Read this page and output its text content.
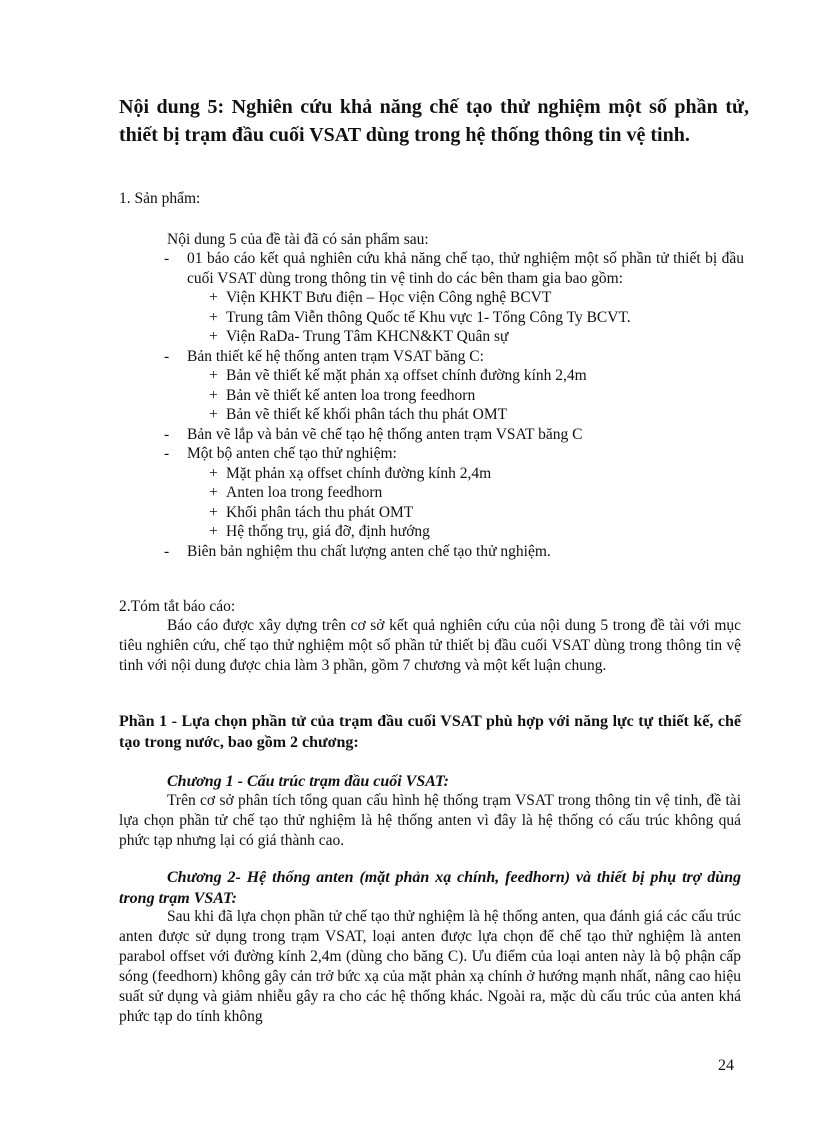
Nội dung 5: Nghiên cứu khả năng chế tạo thử nghiệm một số phần tử, thiết bị trạm đầu cuối VSAT dùng trong hệ thống thông tin vệ tinh.

1. Sản phẩm:

Nội dung 5 của đề tài đã có sản phẩm sau:

- 01 báo cáo kết quả nghiên cứu khả năng chế tạo, thử nghiệm một số phần tử thiết bị đầu cuối VSAT dùng trong thông tin vệ tinh do các bên tham gia bao gồm:
+ Viện KHKT Bưu điện – Học viện Công nghệ BCVT
+ Trung tâm Viễn thông Quốc tế Khu vực 1- Tổng Công Ty BCVT.
+ Viện RaDa- Trung Tâm KHCN&KT Quân sự
- Bản thiết kế hệ thống anten trạm VSAT băng C:
+ Bản vẽ thiết kế mặt phản xạ offset chính đường kính 2,4m
+ Bản vẽ thiết kế anten loa trong feedhorn
+ Bản vẽ thiết kế khối phân tách thu phát OMT
- Bản vẽ lắp và bản vẽ chế tạo hệ thống anten trạm VSAT băng C
- Một bộ anten chế tạo thử nghiệm:
+ Mặt phản xạ offset chính đường kính 2,4m
+ Anten loa trong feedhorn
+ Khối phân tách thu phát OMT
+ Hệ thống trụ, giá đỡ, định hướng
- Biên bản nghiệm thu chất lượng anten chế tạo thử nghiệm.

2.Tóm tắt báo cáo:

Báo cáo được xây dựng trên cơ sở kết quả nghiên cứu của nội dung 5 trong đề tài với mục tiêu nghiên cứu, chế tạo thử nghiệm một số phần tử thiết bị đầu cuối VSAT dùng trong thông tin vệ tinh với nội dung được chia làm 3 phần, gồm 7 chương và một kết luận chung.

Phần 1 - Lựa chọn phần tử của trạm đầu cuối VSAT phù hợp với năng lực tự thiết kế, chế tạo trong nước, bao gồm 2 chương:

Chương 1 - Cấu trúc trạm đầu cuối VSAT:

Trên cơ sở phân tích tổng quan cấu hình hệ thống trạm VSAT trong thông tin vệ tinh, đề tài lựa chọn phần tử chế tạo thử nghiệm là hệ thống anten vì đây là hệ thống có cấu trúc không quá phức tạp nhưng lại có giá thành cao.

Chương 2- Hệ thống anten (mặt phản xạ chính, feedhorn) và thiết bị phụ trợ dùng trong trạm VSAT:

Sau khi đã lựa chọn phần tử chế tạo thử nghiệm là hệ thống anten, qua đánh giá các cấu trúc anten được sử dụng trong trạm VSAT, loại anten được lựa chọn để chế tạo thử nghiệm là anten parabol offset với đường kính 2,4m (dùng cho băng C). Ưu điểm của loại anten này là bộ phận cấp sóng (feedhorn) không gây cản trở bức xạ của mặt phản xạ chính ở hướng mạnh nhất, nâng cao hiệu suất sử dụng và giảm nhiễu gây ra cho các hệ thống khác. Ngoài ra, mặc dù cấu trúc của anten khá phức tạp do tính không

24
